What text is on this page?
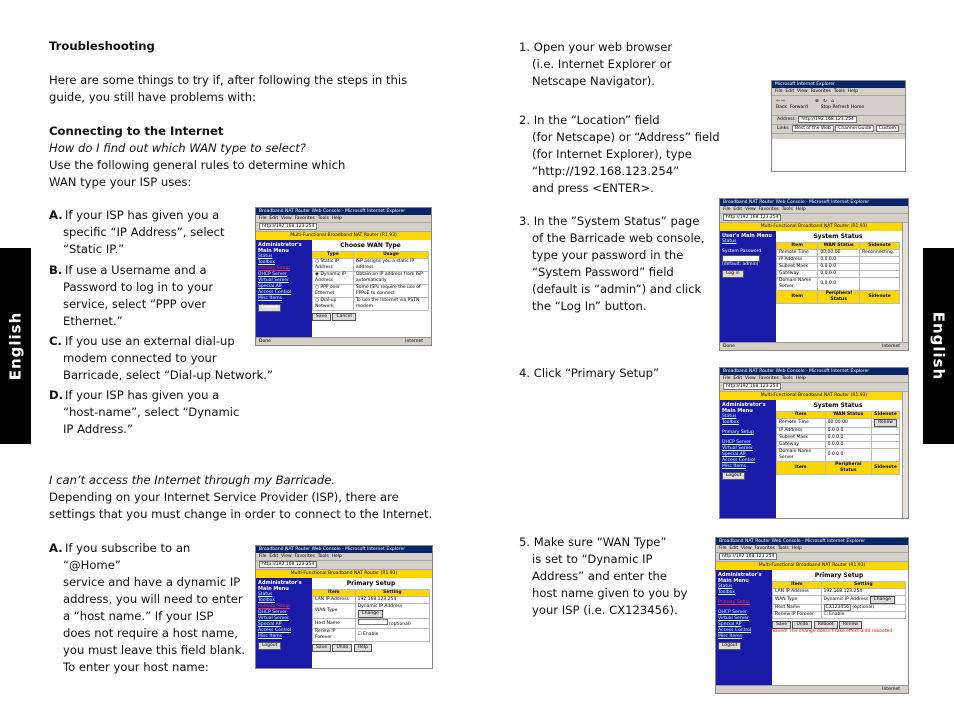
English	English
Troubleshooting
Here are some things to try if, after following the steps in this
guide, you still have problems with:
Connecting to the Internet
How do I find out which WAN type to select?
Use the following general rules to determine which
WAN type your ISP uses:
A. If your ISP has given you a
specific “IP Address”, select
“Static IP.”
B. If use a Username and a
Password to log in to your
service, select “PPP over
Ethernet.”
C. If you use an external dial-up
modem connected to your
Barricade, select “Dial-up Network.”
D. If your ISP has given you a
“host-name”, select “Dynamic
IP Address.”
I can’t access the Internet through my Barricade.
Depending on your Internet Service Provider (ISP), there are
settings that you must change in order to connect to the Internet.
A. If you subscribe to an
“@Home”
service and have a dynamic IP
address, you will need to enter
a “host name.” If your ISP
does not require a host name,
you must leave this field blank.
To enter your host name:
1. Open your web browser
(i.e. Internet Explorer or
Netscape Navigator).
2. In the “Location” field
(for Netscape) or “Address” field
(for Internet Explorer), type
“http://192.168.123.254”
and press <ENTER>.
3. In the ”System Status” page
of the Barricade web console,
type your password in the
“System Password” field
(default is “admin”) and click
the “Log In” button.
4. Click “Primary Setup”
5. Make sure “WAN Type”
is set to “Dynamic IP
Address” and enter the
host name given to you by
your ISP (i.e. CX123456).
Broadband NAT Router Web Console - Microsoft Internet Explorer
File Edit View Favorites Tools Help
http://192.168.123.254
Multi-Functional Broadband NAT Router (R1.93)
Administrator's Main Menu
Status
Toolbox
Primary Setup
DHCP Server
Virtual Server
Special AP
Access Control
Misc Items
Logout
Choose WAN Type
Type	Usage
○ Static IP Address	ISP assigns you a static IP address
◉ Dynamic IP Address	Obtain an IP address from ISP automatically
○ PPP over Ethernet	Some ISPs require the use of PPPoE to connect
○ Dial-up Network	To use the Internet via PSTN modem
Save Cancel
Done	Internet
Microsoft Internet Explorer
File Edit View Favorites Tools Help
⇦ ⇨                     ⊗   ↻   ⌂
Back Forward	Stop Refresh Home
Address http://192.168.123.254
Links Best of the Web Channel Guide Custom
Broadband NAT Router Web Console - Microsoft Internet Explorer
File  Edit  View  Favorites  Tools  Help
http://192.168.123.254
Multi-Functional Broadband NAT Router (R1.93)
User's Main Menu
Status
System Password
(default: admin)
Log in
System Status
Item	WAN Status	Sidenote
Remote Time	00:00:00	Reconnecting...
IP Address	0.0.0.0	
Subnet Mask	0.0.0.0	
Gateway	0.0.0.0	
Domain Name Server	0.0.0.0	
Item	Peripheral Status	Sidenote
Done	Internet
Broadband NAT Router Web Console - Microsoft Internet Explorer
File  Edit  View  Favorites  Tools  Help
http://192.168.123.254
Multi-Functional Broadband NAT Router (R1.93)
Administrator's Main Menu
Status
Toolbox
Primary Setup
DHCP Server
Virtual Server
Special AP
Access Control
Misc Items
Logout
System Status
Item	WAN Status	Sidenote
Remote Time	00:00:00	Renew
IP Address	0.0.0.0	
Subnet Mask	0.0.0.0	
Gateway	0.0.0.0	
Domain Name Server	0.0.0.0	
Item	Peripheral Status	Sidenote
Broadband NAT Router Web Console - Microsoft Internet Explorer
File  Edit  View  Favorites  Tools  Help
http://192.168.123.254
Multi-Functional Broadband NAT Router (R1.93)
Administrator's Main Menu
Status
Toolbox
Primary Setup
DHCP Server
Virtual Server
Special AP
Access Control
Misc Items
Logout
Primary Setup
Item	Setting
LAN IP Address	192.168.123.254
WAN Type	Dynamic IP Address Change
Host Name	(optional)
Renew IP Forever	☐ Enable
Save Undo Help
Broadband NAT Router Web Console - Microsoft Internet Explorer
File  Edit  View  Favorites  Tools  Help
http://192.168.123.254
Multi-Functional Broadband NAT Router (R1.93)
Administrator's Main Menu
Status
Toolbox
Primary Setup
DHCP Server
Virtual Server
Special AP
Access Control
Misc Items
Logout
Primary Setup
Item	Setting
LAN IP Address	192.168.123.254
WAN Type	Dynamic IP Address Change
Host Name	CX123456 (optional)
Renew IP Forever	☐ Enable
Save Undo Reboot Renew
Saved! The change doesn't take effect until rebooted
Internet
